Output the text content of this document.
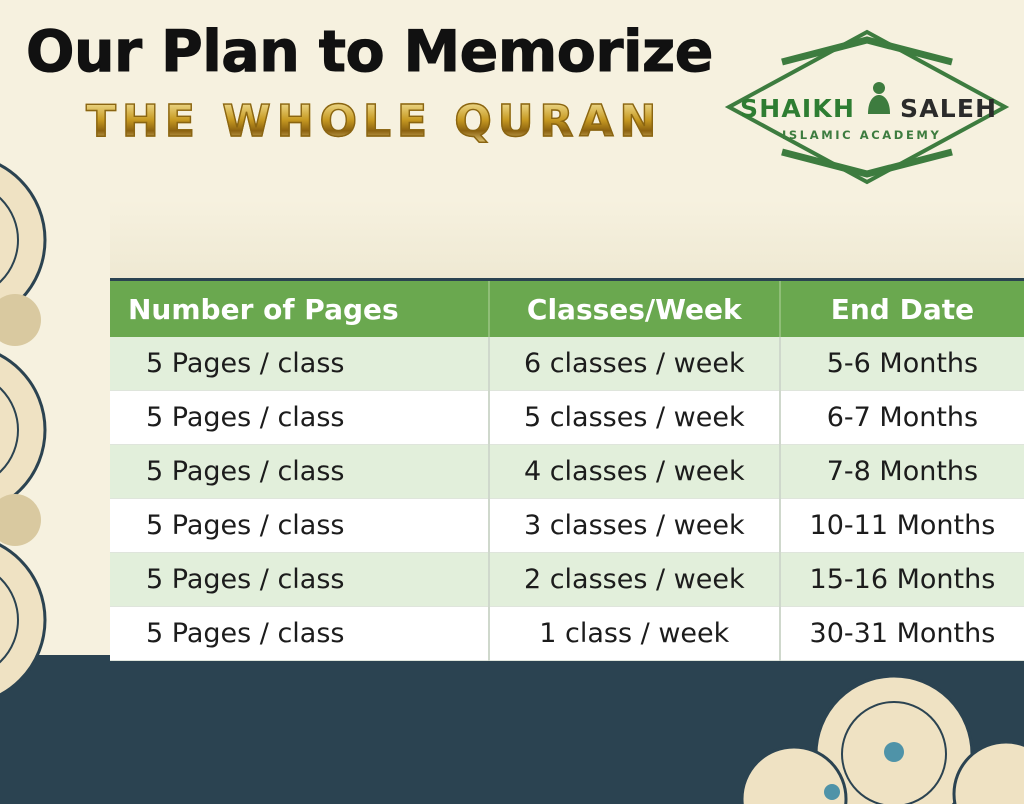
Our Plan to Memorize
THE WHOLE QURAN	SHAIKH SALEH
ISLAMIC ACADEMY
Number of Pages	Classes/Week	End Date
5 Pages / class	6 classes / week	5-6 Months
5 Pages / class	5 classes / week	6-7 Months
5 Pages / class	4 classes / week	7-8 Months
5 Pages / class	3 classes / week	10-11 Months
5 Pages / class	2 classes / week	15-16 Months
5 Pages / class	1 class / week	30-31 Months
